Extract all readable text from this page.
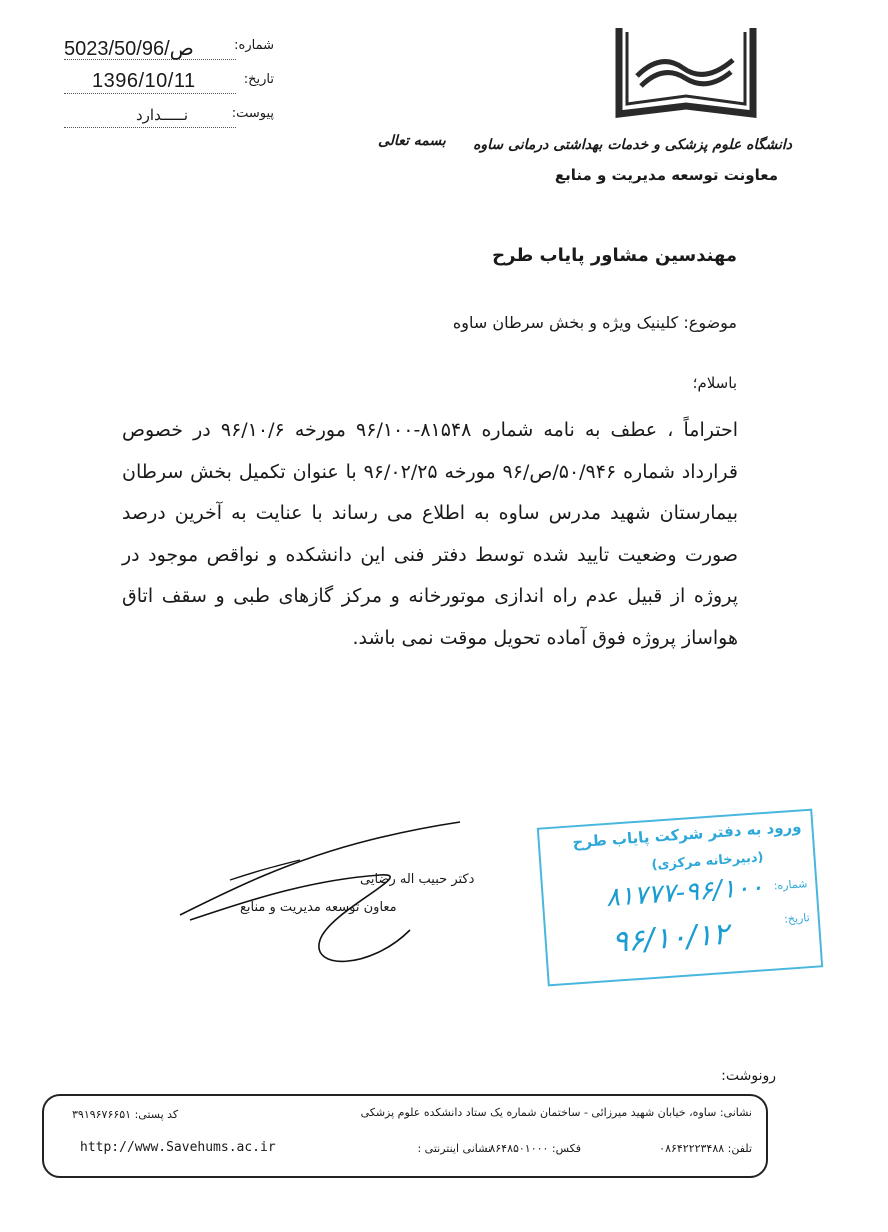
5023/50/ص/96	شماره:
1396/10/11	تاریخ:
نـــــدارد	پیوست:
بسمه تعالی دانشگاه علوم پزشکی و خدمات بهداشتی درمانی ساوه
معاونت توسعه مدیریت و منابع
مهندسین مشاور پایاب طرح
موضوع: کلینیک ویژه و بخش سرطان ساوه
باسلام؛
احتراماً ، عطف به نامه شماره ۸۱۵۴۸-۹۶/۱۰۰ مورخه ۹۶/۱۰/۶ در خصوص قرارداد شماره ۵۰/۹۴۶/ص/۹۶ مورخه ۹۶/۰۲/۲۵ با عنوان تکمیل بخش سرطان بیمارستان شهید مدرس ساوه به اطلاع می رساند با عنایت به آخرین درصد صورت وضعیت تایید شده توسط دفتر فنی این دانشکده و نواقص موجود در پروژه از قبیل عدم راه اندازی موتورخانه و مرکز گازهای طبی و سقف اتاق هواساز پروژه فوق آماده تحویل موقت نمی باشد.
دکتر حبیب اله رضایی
معاون توسعه مدیریت و منابع
ورود به دفتر شرکت پایاب طرح
(دبیرخانه مرکزی)
شماره:
۸۱۷۷۷-۹۶/۱۰۰
تاریخ:
۹۶/۱۰/۱۲
رونوشت:
نشانی: ساوه، خیابان شهید میرزائی - ساختمان شماره یک ستاد دانشکده علوم پزشکی
کد پستی: ۳۹۱۹۶۷۶۶۵۱
تلفن: ۰۸۶۴۲۲۲۳۴۸۸
فکس: ۰۸۶۴۸۵۰۱۰۰۰
نشانی اینترنتی :
http://www.Savehums.ac.ir
